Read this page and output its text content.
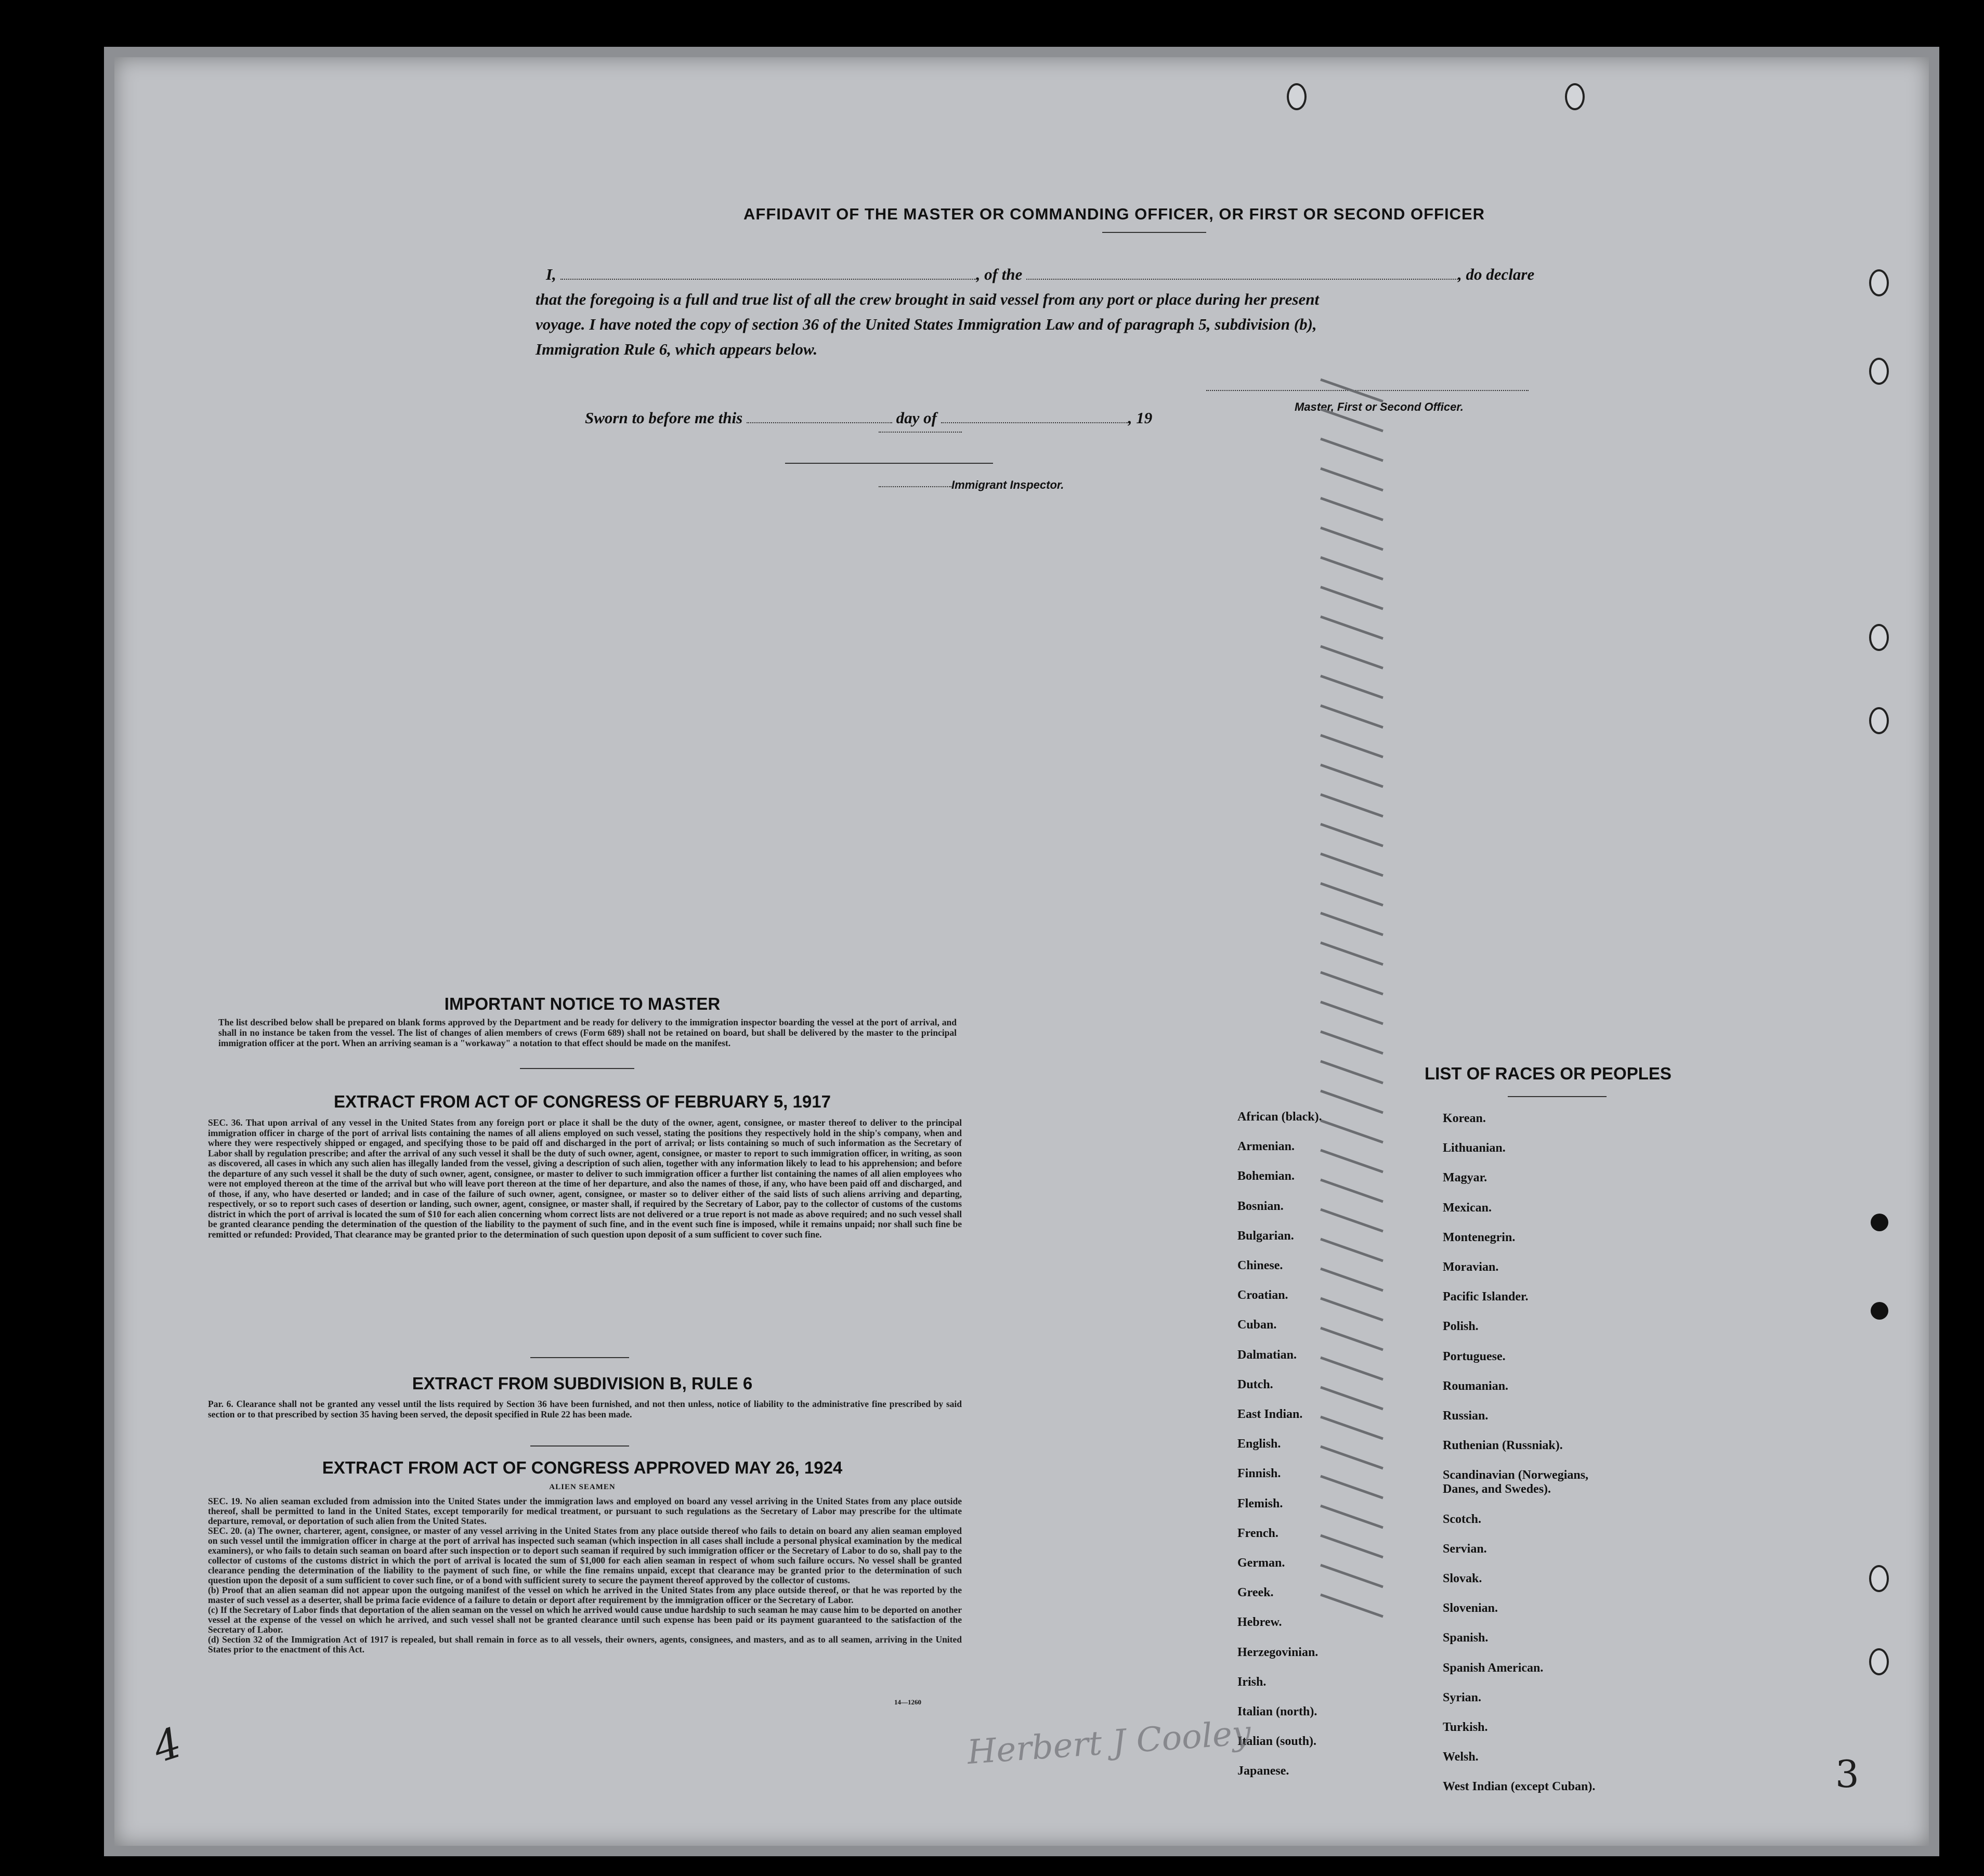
AFFIDAVIT OF THE MASTER OR COMMANDING OFFICER, OR FIRST OR SECOND OFFICER
I,	, of the	, do declare
that the foregoing is a full and true list of all the crew brought in said vessel from any port or place during her present
voyage. I have noted the copy of section 36 of the United States Immigration Law and of paragraph 5, subdivision (b),
Immigration Rule 6, which appears below.
Master, First or Second Officer.
Sworn to before me this	day of	, 19
Immigrant Inspector.
IMPORTANT NOTICE TO MASTER
The list described below shall be prepared on blank forms approved by the Department and be ready for delivery to the immigration inspector boarding the vessel at the port of arrival, and shall in no instance be taken from the vessel. The list of changes of alien members of crews (Form 689) shall not be retained on board, but shall be delivered by the master to the principal immigration officer at the port. When an arriving seaman is a "workaway" a notation to that effect should be made on the manifest.
EXTRACT FROM ACT OF CONGRESS OF FEBRUARY 5, 1917
SEC. 36. That upon arrival of any vessel in the United States from any foreign port or place it shall be the duty of the owner, agent, consignee, or master thereof to deliver to the principal immigration officer in charge of the port of arrival lists containing the names of all aliens employed on such vessel, stating the positions they respectively hold in the ship's company, when and where they were respectively shipped or engaged, and specifying those to be paid off and discharged in the port of arrival; or lists containing so much of such information as the Secretary of Labor shall by regulation prescribe; and after the arrival of any such vessel it shall be the duty of such owner, agent, consignee, or master to report to such immigration officer, in writing, as soon as discovered, all cases in which any such alien has illegally landed from the vessel, giving a description of such alien, together with any information likely to lead to his apprehension; and before the departure of any such vessel it shall be the duty of such owner, agent, consignee, or master to deliver to such immigration officer a further list containing the names of all alien employees who were not employed thereon at the time of the arrival but who will leave port thereon at the time of her departure, and also the names of those, if any, who have been paid off and discharged, and of those, if any, who have deserted or landed; and in case of the failure of such owner, agent, consignee, or master so to deliver either of the said lists of such aliens arriving and departing, respectively, or so to report such cases of desertion or landing, such owner, agent, consignee, or master shall, if required by the Secretary of Labor, pay to the collector of customs of the customs district in which the port of arrival is located the sum of $10 for each alien concerning whom correct lists are not delivered or a true report is not made as above required; and no such vessel shall be granted clearance pending the determination of the question of the liability to the payment of such fine, and in the event such fine is imposed, while it remains unpaid; nor shall such fine be remitted or refunded: Provided, That clearance may be granted prior to the determination of such question upon deposit of a sum sufficient to cover such fine.
EXTRACT FROM SUBDIVISION B, RULE 6
Par. 6. Clearance shall not be granted any vessel until the lists required by Section 36 have been furnished, and not then unless, notice of liability to the administrative fine prescribed by said section or to that prescribed by section 35 having been served, the deposit specified in Rule 22 has been made.
EXTRACT FROM ACT OF CONGRESS APPROVED MAY 26, 1924
ALIEN SEAMEN
SEC. 19. No alien seaman excluded from admission into the United States under the immigration laws and employed on board any vessel arriving in the United States from any place outside thereof, shall be permitted to land in the United States, except temporarily for medical treatment, or pursuant to such regulations as the Secretary of Labor may prescribe for the ultimate departure, removal, or deportation of such alien from the United States.
SEC. 20. (a) The owner, charterer, agent, consignee, or master of any vessel arriving in the United States from any place outside thereof who fails to detain on board any alien seaman employed on such vessel until the immigration officer in charge at the port of arrival has inspected such seaman (which inspection in all cases shall include a personal physical examination by the medical examiners), or who fails to detain such seaman on board after such inspection or to deport such seaman if required by such immigration officer or the Secretary of Labor to do so, shall pay to the collector of customs of the customs district in which the port of arrival is located the sum of $1,000 for each alien seaman in respect of whom such failure occurs. No vessel shall be granted clearance pending the determination of the liability to the payment of such fine, or while the fine remains unpaid, except that clearance may be granted prior to the determination of such question upon the deposit of a sum sufficient to cover such fine, or of a bond with sufficient surety to secure the payment thereof approved by the collector of customs.
(b) Proof that an alien seaman did not appear upon the outgoing manifest of the vessel on which he arrived in the United States from any place outside thereof, or that he was reported by the master of such vessel as a deserter, shall be prima facie evidence of a failure to detain or deport after requirement by the immigration officer or the Secretary of Labor.
(c) If the Secretary of Labor finds that deportation of the alien seaman on the vessel on which he arrived would cause undue hardship to such seaman he may cause him to be deported on another vessel at the expense of the vessel on which he arrived, and such vessel shall not be granted clearance until such expense has been paid or its payment guaranteed to the satisfaction of the Secretary of Labor.
(d) Section 32 of the Immigration Act of 1917 is repealed, but shall remain in force as to all vessels, their owners, agents, consignees, and masters, and as to all seamen, arriving in the United States prior to the enactment of this Act.
14—1260
LIST OF RACES OR PEOPLES
African (black).
Armenian.
Bohemian.
Bosnian.
Bulgarian.
Chinese.
Croatian.
Cuban.
Dalmatian.
Dutch.
East Indian.
English.
Finnish.
Flemish.
French.
German.
Greek.
Hebrew.
Herzegovinian.
Irish.
Italian (north).
Italian (south).
Japanese.
Korean.
Lithuanian.
Magyar.
Mexican.
Montenegrin.
Moravian.
Pacific Islander.
Polish.
Portuguese.
Roumanian.
Russian.
Ruthenian (Russniak).
Scandinavian (Norwegians,
Danes, and Swedes).
Scotch.
Servian.
Slovak.
Slovenian.
Spanish.
Spanish American.
Syrian.
Turkish.
Welsh.
West Indian (except Cuban).
Herbert J Cooley
4
3
